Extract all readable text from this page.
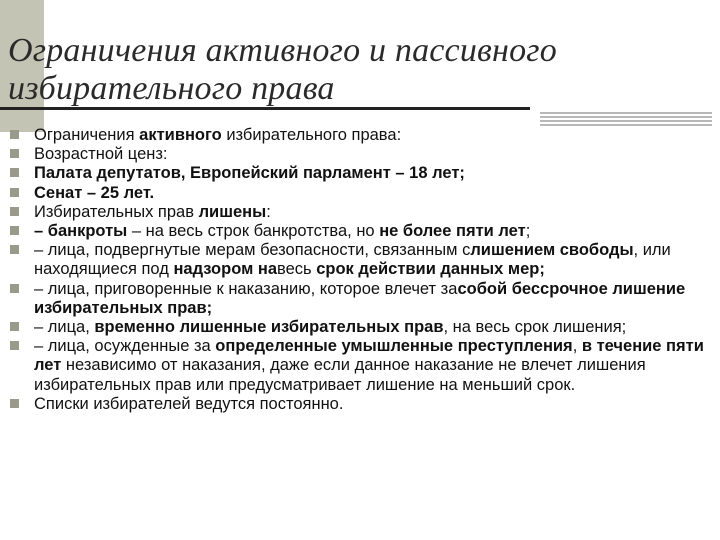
Ограничения активного и пассивного
избирательного права
Ограничения активного избирательного права:
Возрастной ценз:
Палата депутатов, Европейский парламент – 18 лет;
Сенат – 25 лет.
Избирательных прав лишены:
– банкроты – на весь строк банкротства, но не более пяти лет;
– лица, подвергнутые мерам безопасности, связанным слишением свободы, или находящиеся под надзором навесь срок действии данных мер;
– лица, приговоренные к наказанию, которое влечет засобой бессрочное лишение избирательных прав;
– лица, временно лишенные избирательных прав, на весь срок лишения;
– лица, осужденные за определенные умышленные преступления, в течение пяти лет независимо от наказания, даже если данное наказание не влечет лишения избирательных прав или предусматривает лишение на меньший срок.
Списки избирателей ведутся постоянно.
